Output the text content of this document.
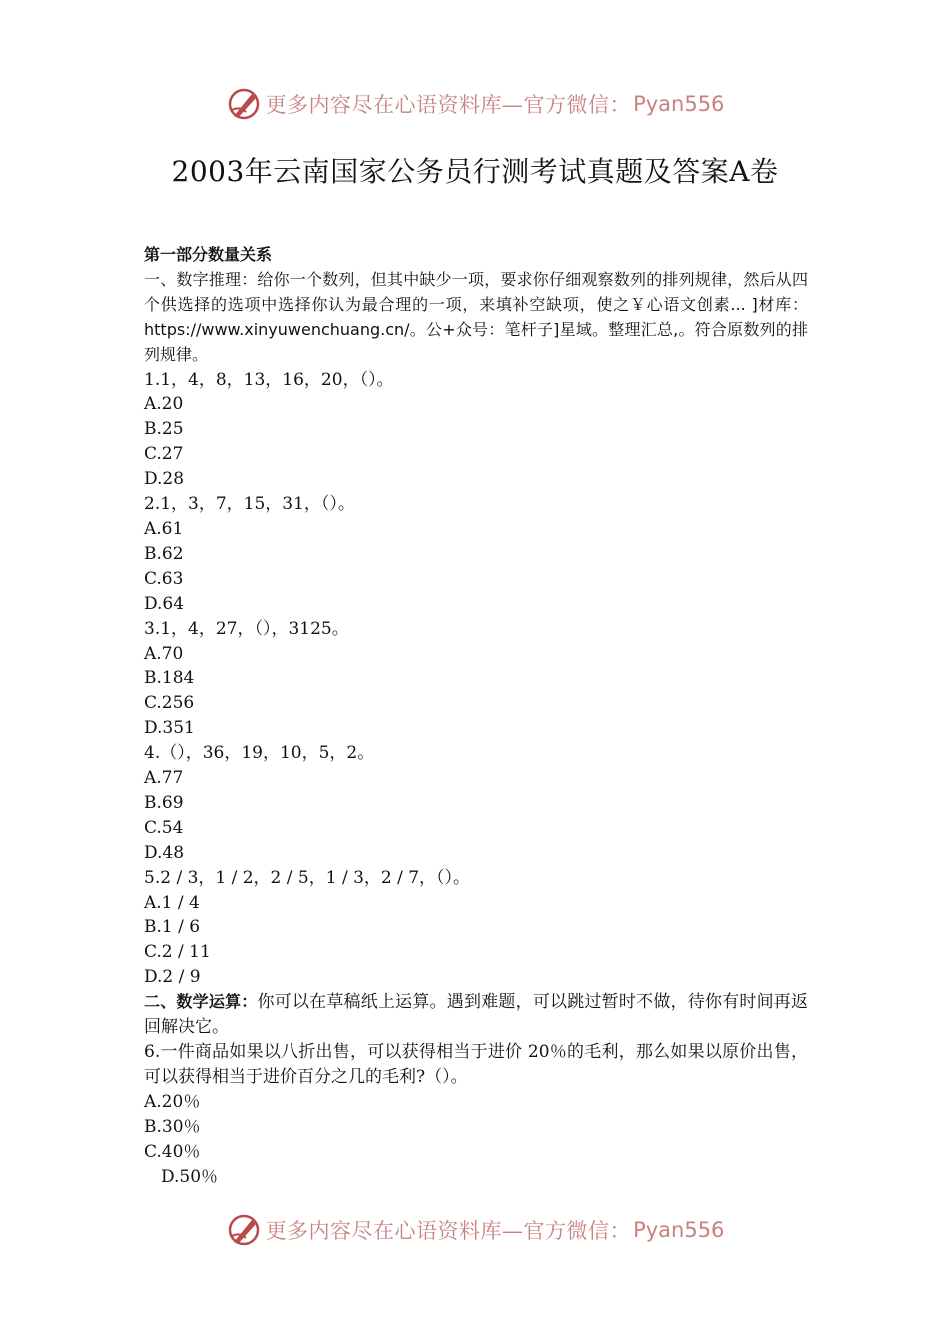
更多内容尽在心语资料库—官方微信： Pyan556
2003年云南国家公务员行测考试真题及答案A卷
第一部分数量关系
一、数字推理：给你一个数列，但其中缺少一项，要求你仔细观察数列的排列规律，然后从四个供选择的选项中选择你认为最合理的一项，来填补空缺项，使之￥心语文创素... ]材库：https://www.xinyuwenchuang.cn/。公+众号：笔杆子]星域。整理汇总,。符合原数列的排列规律。
1.1，4，8，13，16，20，（）。
A.20
B.25
C.27
D.28
2.1，3，7，15，31，（）。
A.61
B.62
C.63
D.64
3.1，4，27，（），3125。
A.70
B.184
C.256
D.351
4.（），36，19，10，5，2。
A.77
B.69
C.54
D.48
5.2 / 3，1 / 2，2 / 5，1 / 3，2 / 7，（）。
A.1 / 4
B.1 / 6
C.2 / 11
D.2 / 9
二、数学运算：你可以在草稿纸上运算。遇到难题，可以跳过暂时不做，待你有时间再返回解决它。
6.一件商品如果以八折出售，可以获得相当于进价 20％的毛利，那么如果以原价出售，可以获得相当于进价百分之几的毛利?（）。
A.20％
B.30％
C.40％
D.50％
更多内容尽在心语资料库—官方微信： Pyan556
